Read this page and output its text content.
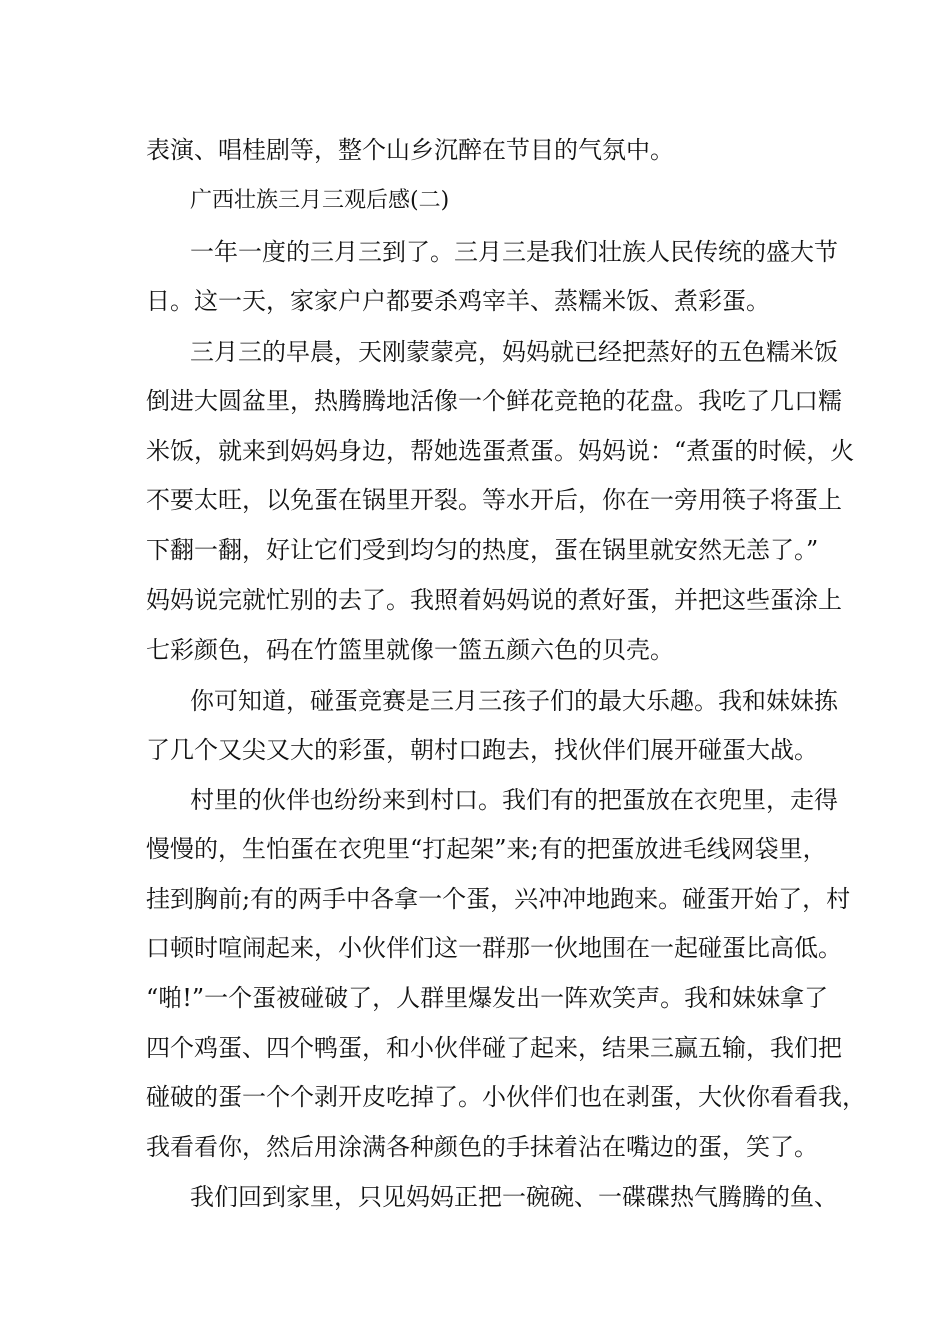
表演、唱桂剧等，整个山乡沉醉在节目的气氛中。
广西壮族三月三观后感(二)
一年一度的三月三到了。三月三是我们壮族人民传统的盛大节
日。这一天，家家户户都要杀鸡宰羊、蒸糯米饭、煮彩蛋。
三月三的早晨，天刚蒙蒙亮，妈妈就已经把蒸好的五色糯米饭
倒进大圆盆里，热腾腾地活像一个鲜花竞艳的花盘。我吃了几口糯
米饭，就来到妈妈身边，帮她选蛋煮蛋。妈妈说：“煮蛋的时候，火
不要太旺，以免蛋在锅里开裂。等水开后，你在一旁用筷子将蛋上
下翻一翻，好让它们受到均匀的热度，蛋在锅里就安然无恙了。”
妈妈说完就忙别的去了。我照着妈妈说的煮好蛋，并把这些蛋涂上
七彩颜色，码在竹篮里就像一篮五颜六色的贝壳。
你可知道，碰蛋竞赛是三月三孩子们的最大乐趣。我和妹妹拣
了几个又尖又大的彩蛋，朝村口跑去，找伙伴们展开碰蛋大战。
村里的伙伴也纷纷来到村口。我们有的把蛋放在衣兜里，走得
慢慢的，生怕蛋在衣兜里“打起架”来;有的把蛋放进毛线网袋里，
挂到胸前;有的两手中各拿一个蛋，兴冲冲地跑来。碰蛋开始了，村
口顿时喧闹起来，小伙伴们这一群那一伙地围在一起碰蛋比高低。
“啪!”一个蛋被碰破了，人群里爆发出一阵欢笑声。我和妹妹拿了
四个鸡蛋、四个鸭蛋，和小伙伴碰了起来，结果三赢五输，我们把
碰破的蛋一个个剥开皮吃掉了。小伙伴们也在剥蛋，大伙你看看我，
我看看你，然后用涂满各种颜色的手抹着沾在嘴边的蛋，笑了。
我们回到家里，只见妈妈正把一碗碗、一碟碟热气腾腾的鱼、
